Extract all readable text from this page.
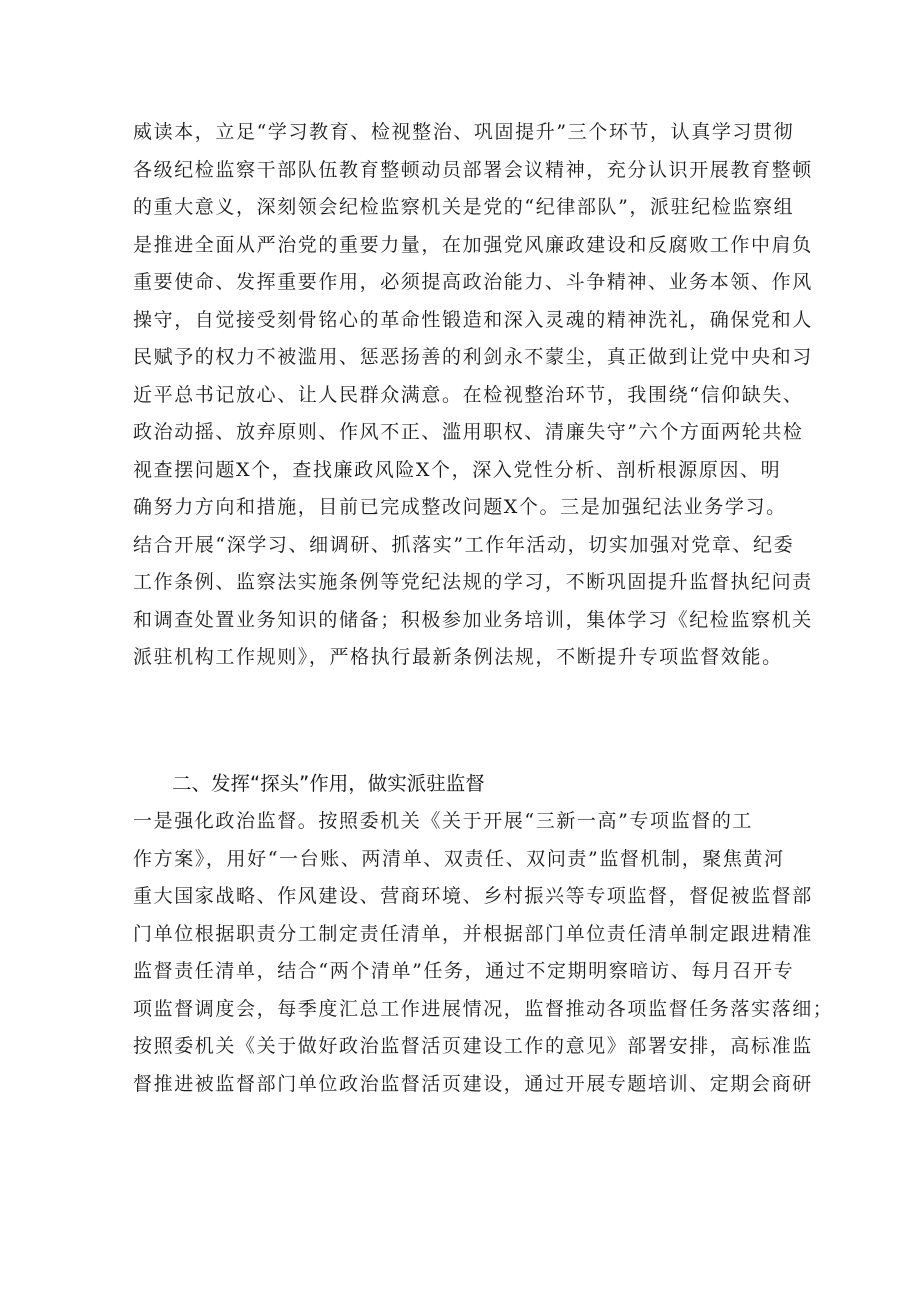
威读本，立足“学习教育、检视整治、巩固提升”三个环节，认真学习贯彻
各级纪检监察干部队伍教育整顿动员部署会议精神，充分认识开展教育整顿
的重大意义，深刻领会纪检监察机关是党的“纪律部队”，派驻纪检监察组
是推进全面从严治党的重要力量，在加强党风廉政建设和反腐败工作中肩负
重要使命、发挥重要作用，必须提高政治能力、斗争精神、业务本领、作风
操守，自觉接受刻骨铭心的革命性锻造和深入灵魂的精神洗礼，确保党和人
民赋予的权力不被滥用、惩恶扬善的利剑永不蒙尘，真正做到让党中央和习
近平总书记放心、让人民群众满意。在检视整治环节，我围绕“信仰缺失、
政治动摇、放弃原则、作风不正、滥用职权、清廉失守”六个方面两轮共检
视查摆问题X个，查找廉政风险X个，深入党性分析、剖析根源原因、明
确努力方向和措施，目前已完成整改问题X个。三是加强纪法业务学习。
结合开展“深学习、细调研、抓落实”工作年活动，切实加强对党章、纪委
工作条例、监察法实施条例等党纪法规的学习，不断巩固提升监督执纪问责
和调查处置业务知识的储备；积极参加业务培训，集体学习《纪检监察机关
派驻机构工作规则》，严格执行最新条例法规，不断提升专项监督效能。
二、发挥“探头”作用，做实派驻监督
一是强化政治监督。按照委机关《关于开展“三新一高”专项监督的工
作方案》，用好“一台账、两清单、双责任、双问责”监督机制，聚焦黄河
重大国家战略、作风建设、营商环境、乡村振兴等专项监督，督促被监督部
门单位根据职责分工制定责任清单，并根据部门单位责任清单制定跟进精准
监督责任清单，结合“两个清单”任务，通过不定期明察暗访、每月召开专
项监督调度会，每季度汇总工作进展情况，监督推动各项监督任务落实落细；
按照委机关《关于做好政治监督活页建设工作的意见》部署安排，高标准监
督推进被监督部门单位政治监督活页建设，通过开展专题培训、定期会商研
